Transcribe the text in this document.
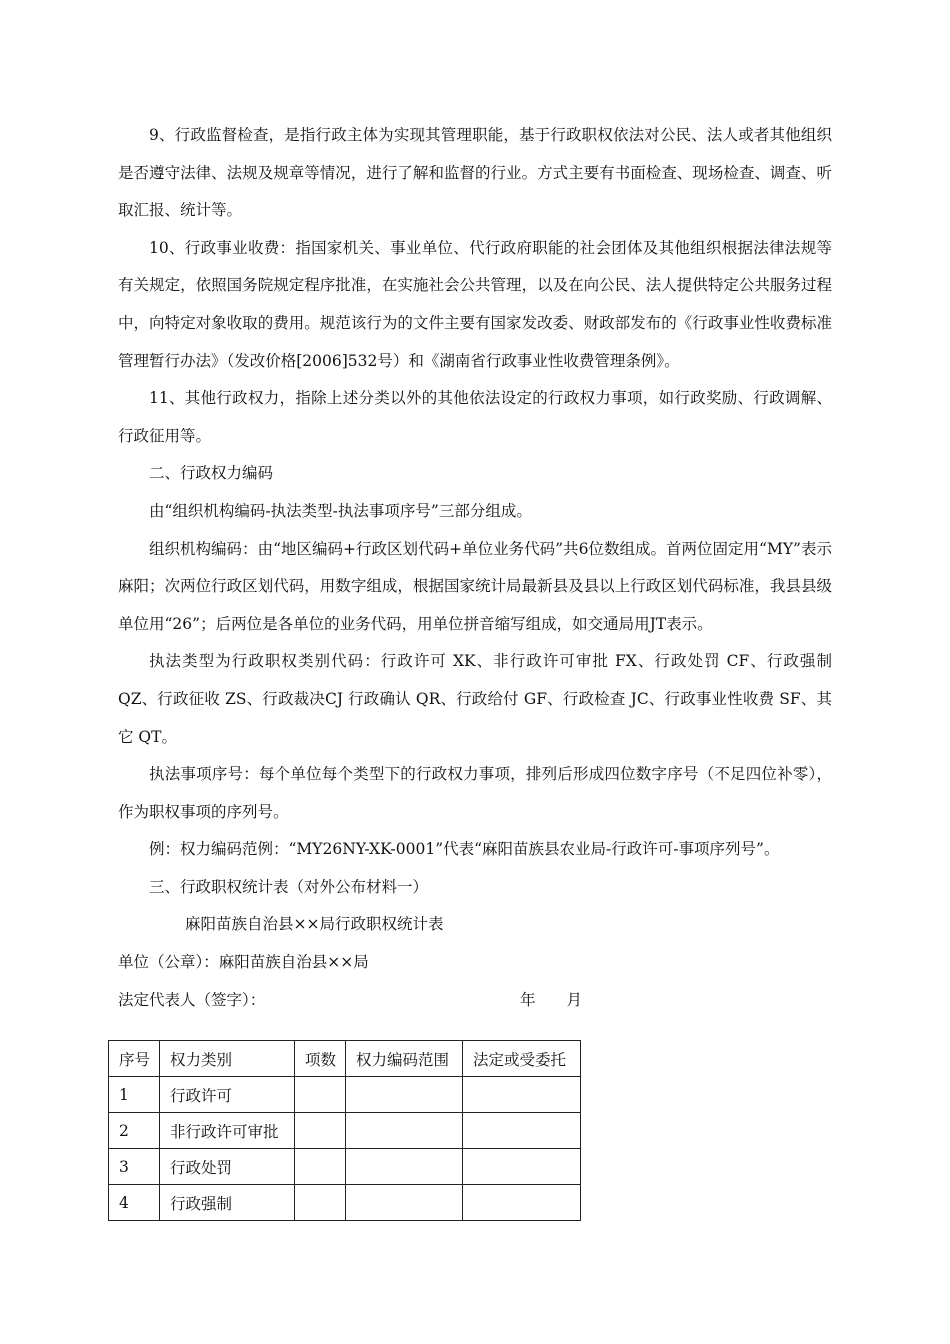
9、行政监督检查，是指行政主体为实现其管理职能，基于行政职权依法对公民、法人或者其他组织是否遵守法律、法规及规章等情况，进行了解和监督的行业。方式主要有书面检查、现场检查、调查、听取汇报、统计等。

10、行政事业收费：指国家机关、事业单位、代行政府职能的社会团体及其他组织根据法律法规等有关规定，依照国务院规定程序批准，在实施社会公共管理，以及在向公民、法人提供特定公共服务过程中，向特定对象收取的费用。规范该行为的文件主要有国家发改委、财政部发布的《行政事业性收费标准管理暂行办法》（发改价格[2006]532号）和《湖南省行政事业性收费管理条例》。

11、其他行政权力，指除上述分类以外的其他依法设定的行政权力事项，如行政奖励、行政调解、行政征用等。

二、行政权力编码

由“组织机构编码-执法类型-执法事项序号”三部分组成。

组织机构编码：由“地区编码+行政区划代码+单位业务代码”共6位数组成。首两位固定用“MY”表示麻阳；次两位行政区划代码，用数字组成，根据国家统计局最新县及县以上行政区划代码标准，我县县级单位用“26”；后两位是各单位的业务代码，用单位拼音缩写组成，如交通局用JT表示。

执法类型为行政职权类别代码：行政许可 XK、非行政许可审批 FX、行政处罚 CF、行政强制 QZ、行政征收 ZS、行政裁决CJ 行政确认 QR、行政给付 GF、行政检查 JC、行政事业性收费 SF、其它 QT。

执法事项序号：每个单位每个类型下的行政权力事项，排列后形成四位数字序号（不足四位补零），作为职权事项的序列号。

例：权力编码范例：“MY26NY-XK-0001”代表“麻阳苗族县农业局-行政许可-事项序列号”。

三、行政职权统计表（对外公布材料一）

麻阳苗族自治县××局行政职权统计表

单位（公章）：麻阳苗族自治县××局

法定代表人（签字）：	年　　月
序号	权力类别	项数	权力编码范围	法定或受委托
1	行政许可			
2	非行政许可审批			
3	行政处罚			
4	行政强制			
